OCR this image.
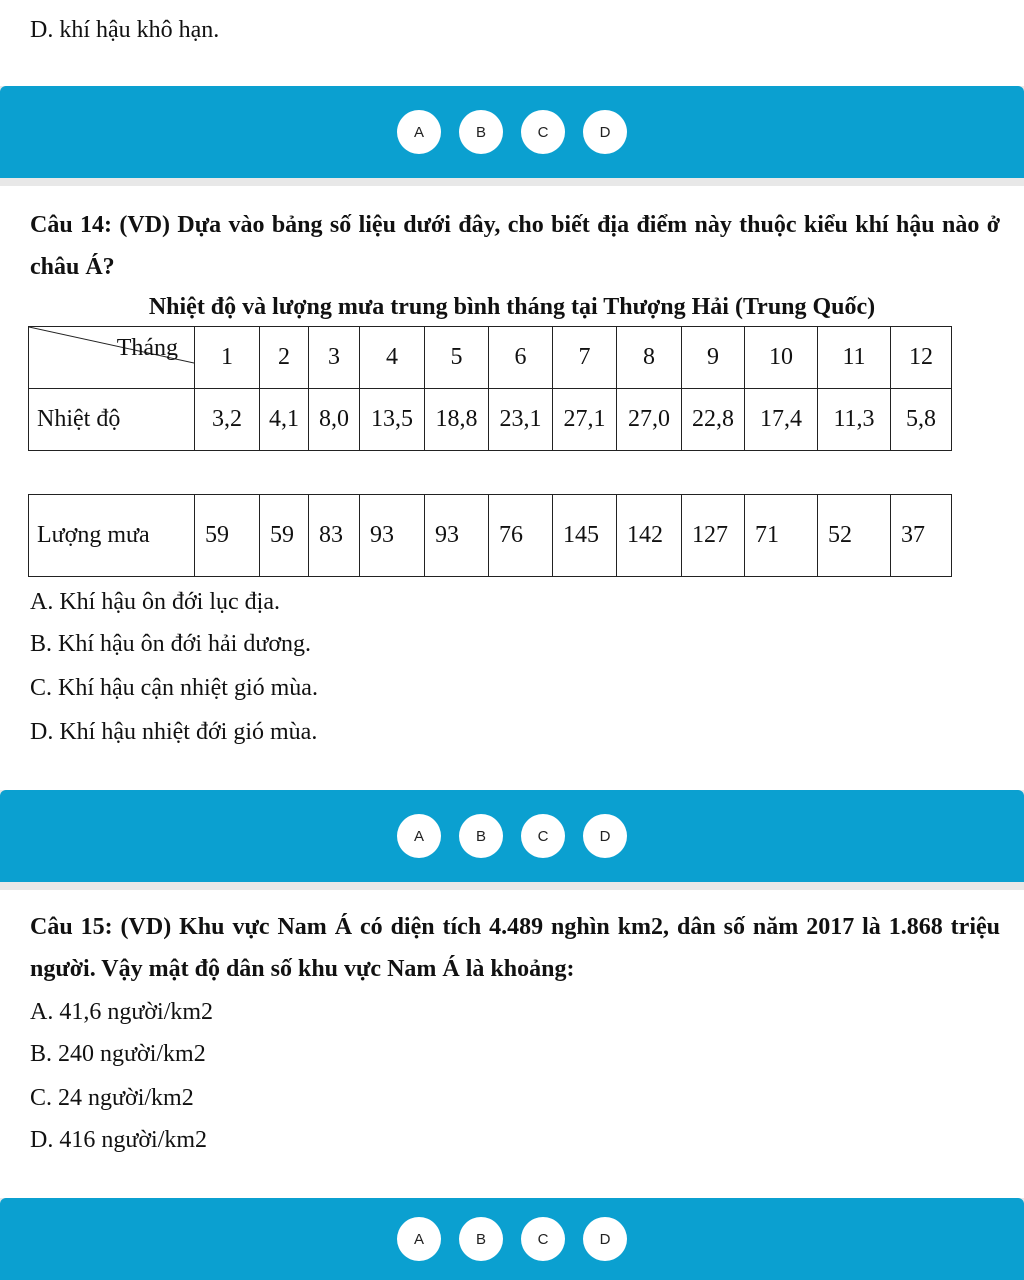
D. khí hậu khô hạn.
A	B	C	D
Câu 14: (VD) Dựa vào bảng số liệu dưới đây, cho biết địa điểm này thuộc kiểu khí hậu nào ở châu Á?
Nhiệt độ và lượng mưa trung bình tháng tại Thượng Hải (Trung Quốc)
Tháng	1	2	3	4	5	6	7	8	9	10	11	12
Nhiệt độ	3,2	4,1	8,0	13,5	18,8	23,1	27,1	27,0	22,8	17,4	11,3	5,8
Lượng mưa	59	59	83	93	93	76	145	142	127	71	52	37
A. Khí hậu ôn đới lục địa.
B. Khí hậu ôn đới hải dương.
C. Khí hậu cận nhiệt gió mùa.
D. Khí hậu nhiệt đới gió mùa.
A	B	C	D
Câu 15: (VD) Khu vực Nam Á có diện tích 4.489 nghìn km2, dân số năm 2017 là 1.868 triệu người. Vậy mật độ dân số khu vực Nam Á là khoảng:
A. 41,6 người/km2
B. 240 người/km2
C. 24 người/km2
D. 416 người/km2
A	B	C	D
